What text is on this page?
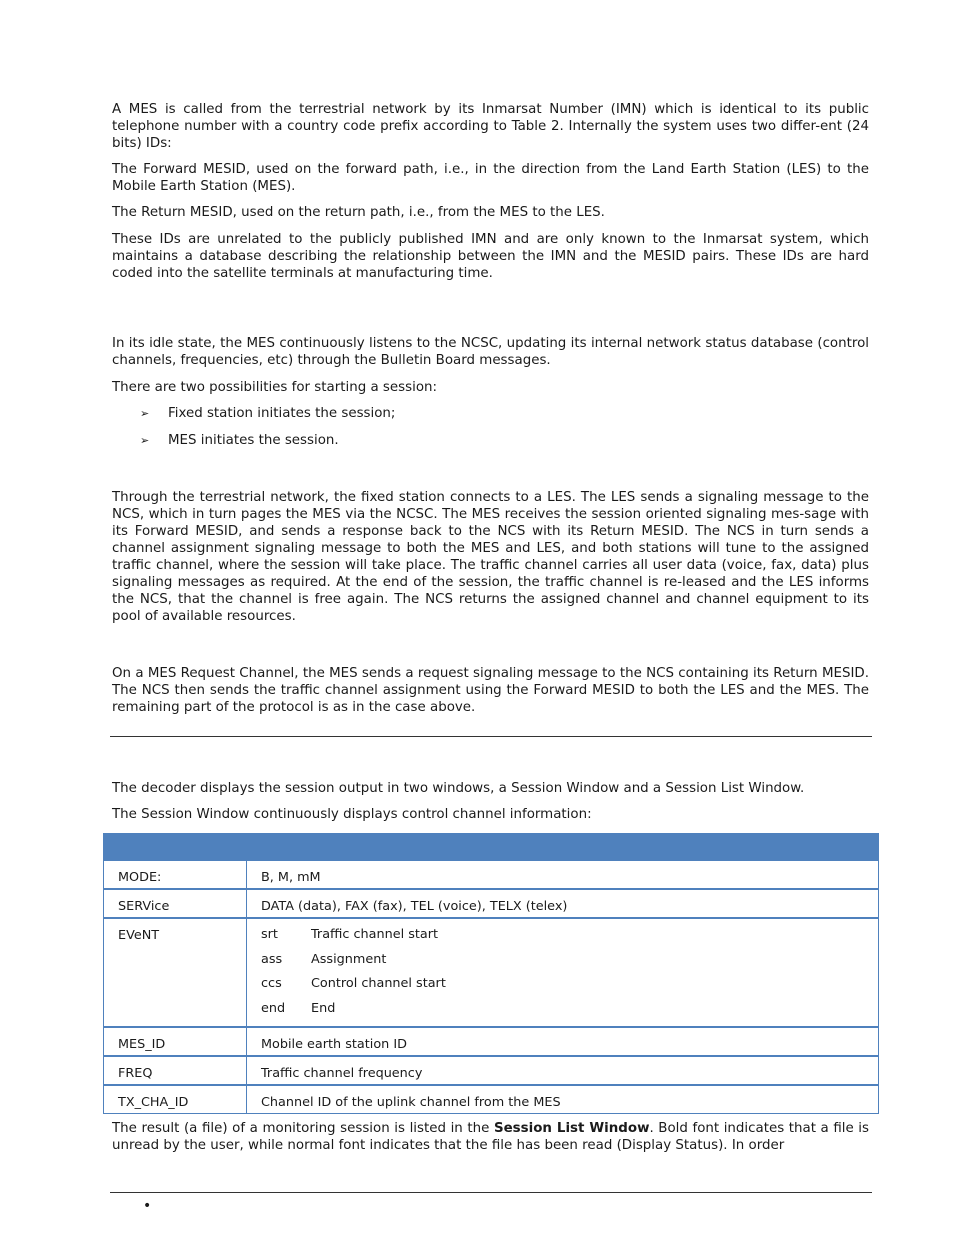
A MES is called from the terrestrial network by its Inmarsat Number (IMN) which is identical to its public telephone number with a country code prefix according to Table 2. Internally the system uses two differ-ent (24 bits) IDs:

The Forward MESID, used on the forward path, i.e., in the direction from the Land Earth Station (LES) to the Mobile Earth Station (MES).

The Return MESID, used on the return path, i.e., from the MES to the LES.

These IDs are unrelated to the publicly published IMN and are only known to the Inmarsat system, which maintains a database describing the relationship between the IMN and the MESID pairs. These IDs are hard coded into the satellite terminals at manufacturing time.

In its idle state, the MES continuously listens to the NCSC, updating its internal network status database (control channels, frequencies, etc) through the Bulletin Board messages.

There are two possibilities for starting a session:

➢ Fixed station initiates the session;
➢ MES initiates the session.

Through the terrestrial network, the fixed station connects to a LES. The LES sends a signaling message to the NCS, which in turn pages the MES via the NCSC. The MES receives the session oriented signaling mes-sage with its Forward MESID, and sends a response back to the NCS with its Return MESID. The NCS in turn sends a channel assignment signaling message to both the MES and LES, and both stations will tune to the assigned traffic channel, where the session will take place. The traffic channel carries all user data (voice, fax, data) plus signaling messages as required. At the end of the session, the traffic channel is re-leased and the LES informs the NCS, that the channel is free again. The NCS returns the assigned channel and channel equipment to its pool of available resources.

On a MES Request Channel, the MES sends a request signaling message to the NCS containing its Return MESID. The NCS then sends the traffic channel assignment using the Forward MESID to both the LES and the MES. The remaining part of the protocol is as in the case above.

The decoder displays the session output in two windows, a Session Window and a Session List Window.

The Session Window continuously displays control channel information:

MODE:	B, M, mM
SERVice	DATA (data), FAX (fax), TEL (voice), TELX (telex)
EVeNT	srt	Traffic channel start
ass	Assignment
ccs	Control channel start
end	End
MES_ID	Mobile earth station ID
FREQ	Traffic channel frequency
TX_CHA_ID	Channel ID of the uplink channel from the MES

The result (a file) of a monitoring session is listed in the Session List Window. Bold font indicates that a file is unread by the user, while normal font indicates that the file has been read (Display Status). In order

•
